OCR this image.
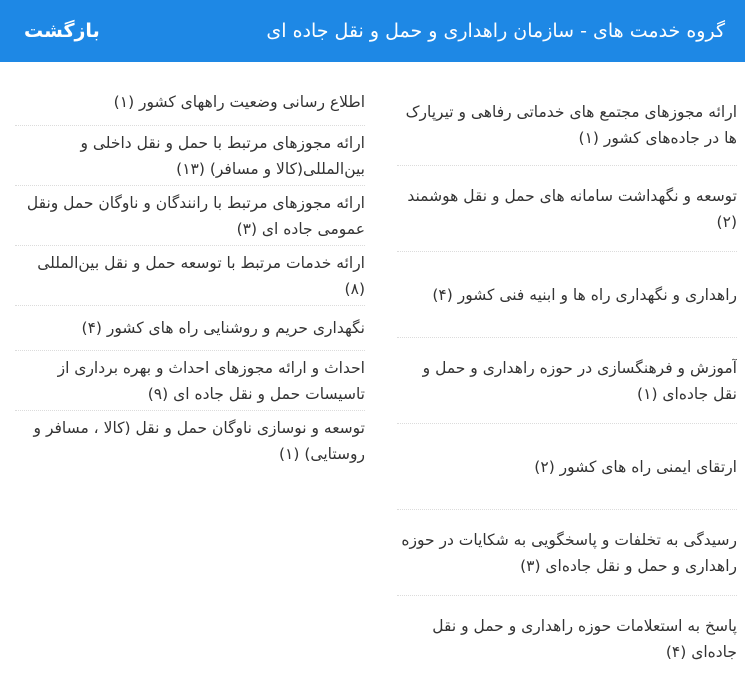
گروه خدمت های - سازمان راهداری و حمل و نقل جاده ای
بازگشت
ارائه مجوزهای مجتمع های خدماتی رفاهی و تیرپارک ها در جاده‌های کشور (۱)
توسعه و نگهداشت سامانه های حمل و نقل هوشمند (۲)
راهداری و نگهداری راه ها و ابنیه فنی کشور (۴)
آموزش و فرهنگسازی در حوزه راهداری و حمل و نقل جاده‌ای (۱)
ارتقای ایمنی راه های کشور (۲)
رسیدگی به تخلفات و پاسخگویی به شکایات در حوزه راهداری و حمل و نقل جاده‌ای (۳)
پاسخ به استعلامات حوزه راهداری و حمل و نقل جاده‌ای (۴)
اطلاع رسانی وضعیت راههای کشور (۱)
ارائه مجوزهای مرتبط با حمل و نقل داخلی و بین‌المللی(کالا و مسافر) (۱۳)
ارائه مجوزهای مرتبط با رانندگان و ناوگان حمل ونقل عمومی جاده ای (۳)
ارائه خدمات مرتبط با توسعه حمل و نقل بین‌المللی (۸)
نگهداری حریم و روشنایی راه های کشور (۴)
احداث و ارائه مجوزهای احداث و بهره برداری از تاسیسات حمل و نقل جاده ای (۹)
توسعه و نوسازی ناوگان حمل و نقل (کالا ، مسافر و روستایی) (۱)
